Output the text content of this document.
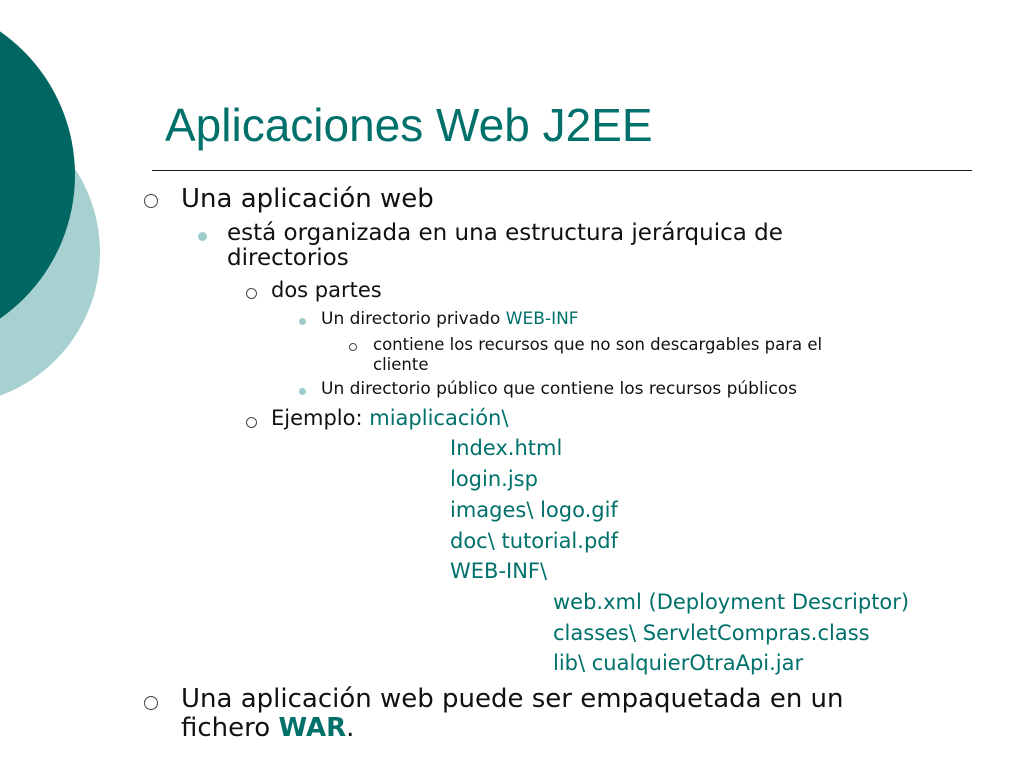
Aplicaciones Web J2EE
Una aplicación web
está organizada en una estructura jerárquica de
directorios
dos partes
Un directorio privado WEB-INF
contiene los recursos que no son descargables para el
cliente
Un directorio público que contiene los recursos públicos
Ejemplo: miaplicación\
Index.html
login.jsp
images\ logo.gif
doc\ tutorial.pdf
WEB-INF\
web.xml (Deployment Descriptor)
classes\ ServletCompras.class
lib\ cualquierOtraApi.jar
Una aplicación web puede ser empaquetada en un
fichero WAR.
